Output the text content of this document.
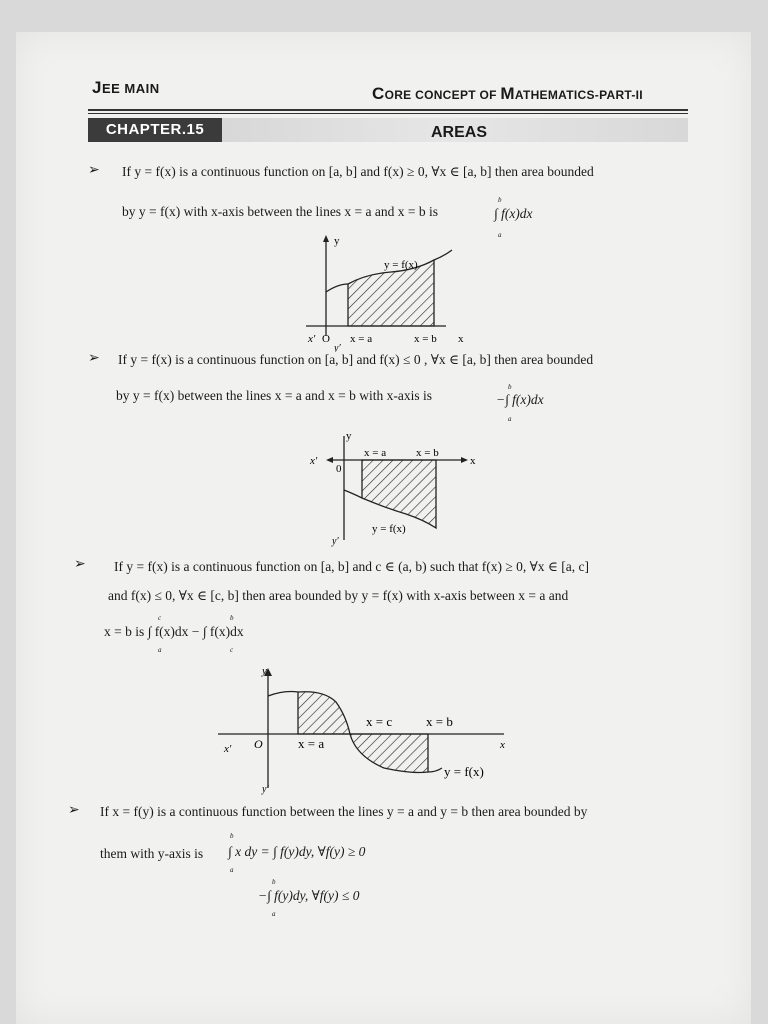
JEE MAIN	CORE CONCEPT OF MATHEMATICS-PART-II
CHAPTER.15	AREAS
➢ If y = f(x) is a continuous function on [a, b] and f(x) ≥ 0, ∀x ∈ [a, b] then area bounded
by y = f(x) with x-axis between the lines x = a and x = b is	∫ f(x)dx
b
a
y
y = f(x)
x′ O x = a	x = b x
y′
➢ If y = f(x) is a continuous function on [a, b] and f(x) ≤ 0 , ∀x ∈ [a, b] then area bounded
by y = f(x) between the lines x = a and x = b with x-axis is	−∫ f(x)dx
b
a
y
x′
0
x = a	x = b
x
y = f(x)
y′
➢ If y = f(x) is a continuous function on [a, b] and c ∈ (a, b) such that f(x) ≥ 0, ∀x ∈ [a, c]
and f(x) ≤ 0, ∀x ∈ [c, b] then area bounded by y = f(x) with x-axis between x = a and
x = b is ∫ f(x)dx − ∫ f(x)dx
c
a
b
c
y
x′ O	x = a
x = c	x = b
x
y = f(x)
y′
➢ If x = f(y) is a continuous function between the lines y = a and y = b then area bounded by
them with y-axis is ∫ x dy = ∫ f(y)dy, ∀f(y) ≥ 0
b
a
−∫ f(y)dy, ∀f(y) ≤ 0
b
a
